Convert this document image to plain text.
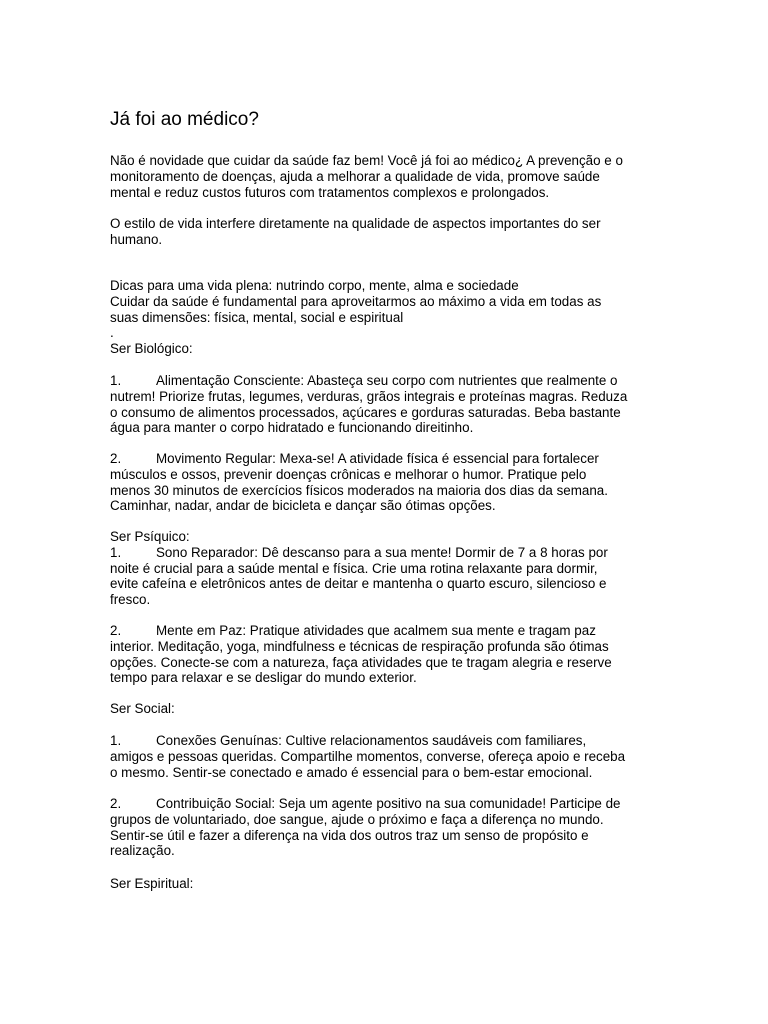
Já foi ao médico?
Não é novidade que cuidar da saúde faz bem! Você já foi ao médico¿ A prevenção e o
monitoramento de doenças, ajuda a melhorar a qualidade de vida, promove saúde
mental e reduz custos futuros com tratamentos complexos e prolongados.
O estilo de vida interfere diretamente na qualidade de aspectos importantes do ser
humano.
Dicas para uma vida plena: nutrindo corpo, mente, alma e sociedade
Cuidar da saúde é fundamental para aproveitarmos ao máximo a vida em todas as
suas dimensões: física, mental, social e espiritual
.
Ser Biológico:
1.	Alimentação Consciente: Abasteça seu corpo com nutrientes que realmente o
nutrem! Priorize frutas, legumes, verduras, grãos integrais e proteínas magras. Reduza
o consumo de alimentos processados, açúcares e gorduras saturadas. Beba bastante
água para manter o corpo hidratado e funcionando direitinho.
2.	Movimento Regular: Mexa-se! A atividade física é essencial para fortalecer
músculos e ossos, prevenir doenças crônicas e melhorar o humor. Pratique pelo
menos 30 minutos de exercícios físicos moderados na maioria dos dias da semana.
Caminhar, nadar, andar de bicicleta e dançar são ótimas opções.
Ser Psíquico:
1.	Sono Reparador: Dê descanso para a sua mente! Dormir de 7 a 8 horas por
noite é crucial para a saúde mental e física. Crie uma rotina relaxante para dormir,
evite cafeína e eletrônicos antes de deitar e mantenha o quarto escuro, silencioso e
fresco.
2.	Mente em Paz: Pratique atividades que acalmem sua mente e tragam paz
interior. Meditação, yoga, mindfulness e técnicas de respiração profunda são ótimas
opções. Conecte-se com a natureza, faça atividades que te tragam alegria e reserve
tempo para relaxar e se desligar do mundo exterior.
Ser Social:
1.	Conexões Genuínas: Cultive relacionamentos saudáveis com familiares,
amigos e pessoas queridas. Compartilhe momentos, converse, ofereça apoio e receba
o mesmo. Sentir-se conectado e amado é essencial para o bem-estar emocional.
2.	Contribuição Social: Seja um agente positivo na sua comunidade! Participe de
grupos de voluntariado, doe sangue, ajude o próximo e faça a diferença no mundo.
Sentir-se útil e fazer a diferença na vida dos outros traz um senso de propósito e
realização.
Ser Espiritual:
